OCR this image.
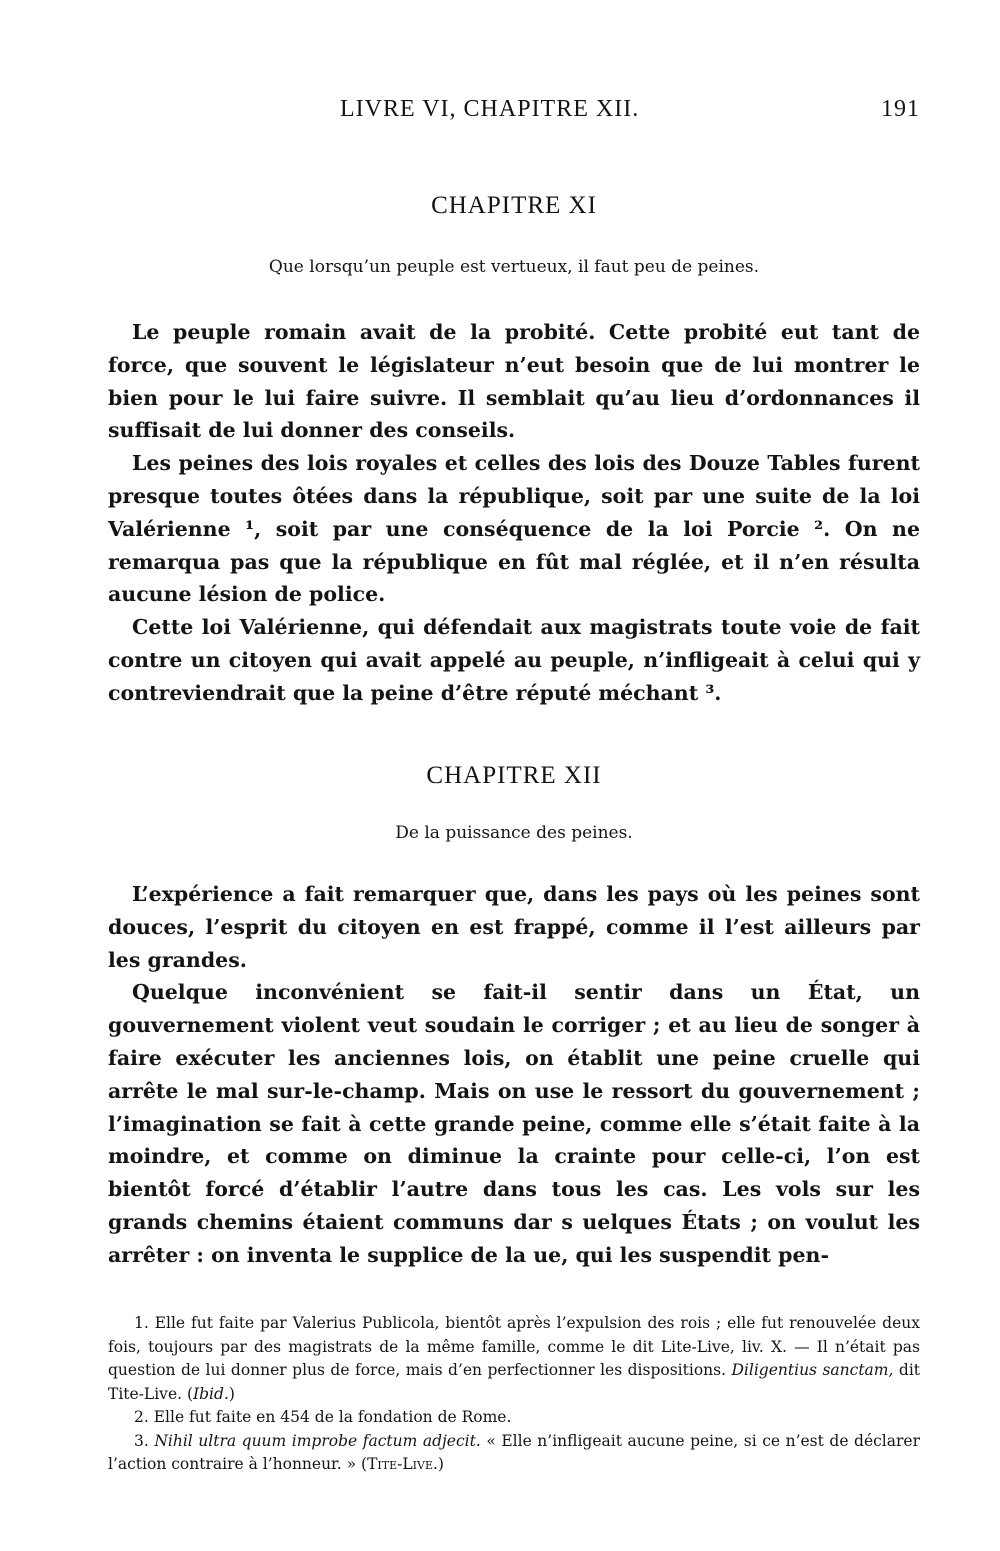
LIVRE VI, CHAPITRE XII.	191
CHAPITRE XI
Que lorsqu’un peuple est vertueux, il faut peu de peines.

Le peuple romain avait de la probité. Cette probité eut tant de force, que souvent le législateur n’eut besoin que de lui montrer le bien pour le lui faire suivre. Il semblait qu’au lieu d’ordonnances il suffisait de lui donner des conseils.

Les peines des lois royales et celles des lois des Douze Tables furent presque toutes ôtées dans la république, soit par une suite de la loi Valérienne ¹, soit par une conséquence de la loi Porcie ². On ne remarqua pas que la république en fût mal réglée, et il n’en résulta aucune lésion de police.

Cette loi Valérienne, qui défendait aux magistrats toute voie de fait contre un citoyen qui avait appelé au peuple, n’infligeait à celui qui y contreviendrait que la peine d’être réputé méchant ³.

CHAPITRE XII
De la puissance des peines.

L’expérience a fait remarquer que, dans les pays où les peines sont douces, l’esprit du citoyen en est frappé, comme il l’est ailleurs par les grandes.

Quelque inconvénient se fait-il sentir dans un État, un gouvernement violent veut soudain le corriger ; et au lieu de songer à faire exécuter les anciennes lois, on établit une peine cruelle qui arrête le mal sur-le-champ. Mais on use le ressort du gouvernement ; l’imagination se fait à cette grande peine, comme elle s’était faite à la moindre, et comme on diminue la crainte pour celle-ci, l’on est bientôt forcé d’établir l’autre dans tous les cas. Les vols sur les grands chemins étaient communs dar s uelques États ; on voulut les arrêter : on inventa le supplice de la ue, qui les suspendit pen-

1. Elle fut faite par Valerius Publicola, bientôt après l’expulsion des rois ; elle fut renouvelée deux fois, toujours par des magistrats de la même famille, comme le dit Lite-Live, liv. X. — Il n’était pas question de lui donner plus de force, mais d’en perfectionner les dispositions. Diligentius sanctam, dit Tite-Live. (Ibid.)

2. Elle fut faite en 454 de la fondation de Rome.

3. Nihil ultra quum improbe factum adjecit. « Elle n’infligeait aucune peine, si ce n’est de déclarer l’action contraire à l’honneur. » (Tite-Live.)
